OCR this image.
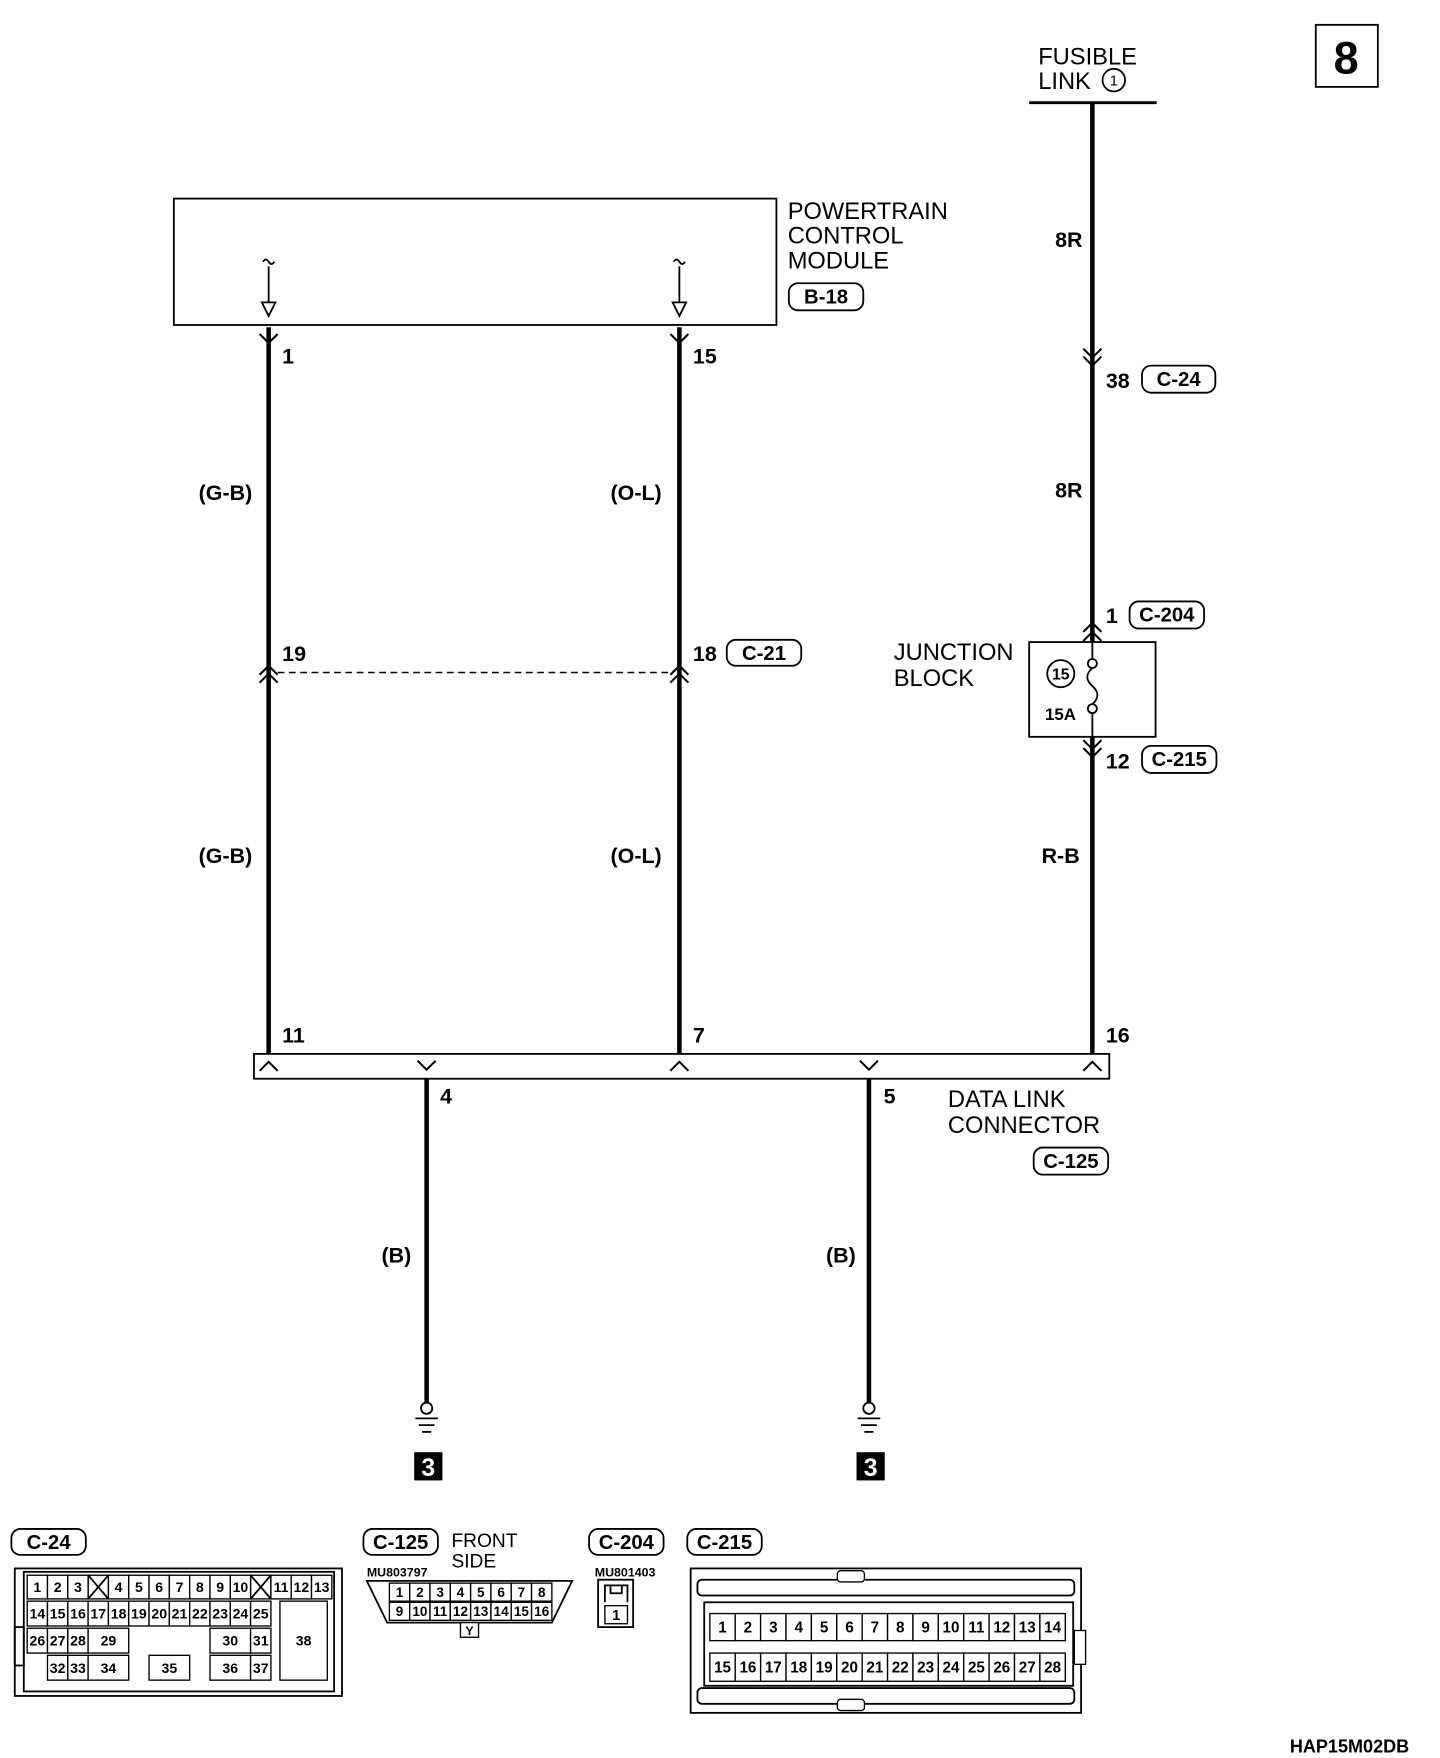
8
FUSIBLE
LINK 1
8R
38 C-24
8R
1 C-204
JUNCTION
BLOCK	15
15A
12 C-215
R-B
POWERTRAIN
CONTROL
MODULE
B-18
1
(G-B)
19
(G-B)
15
(O-L)
18 C-21
(O-L)
11	7	16
4	5 DATA LINK
CONNECTOR
C-125
(B)
3
(B)
3
C-24
1 2 3	4 5 6 7 8 9 10 11 12 13
14 15 16 17 18 19 20 21 22 23 24 25
26 27 28 29	30 31
32 33 34	35	36 37
38
C-125 FRONT
SIDE
MU803797
1 2 3 4 5 6 7 8
9 10 11 12 13 14 15 16
Y
C-204
MU801403
1
C-215
1 2 3 4 5 6 7 8 9 10 11 12 13 14
15 16 17 18 19 20 21 22 23 24 25 26 27 28
HAP15M02DB
